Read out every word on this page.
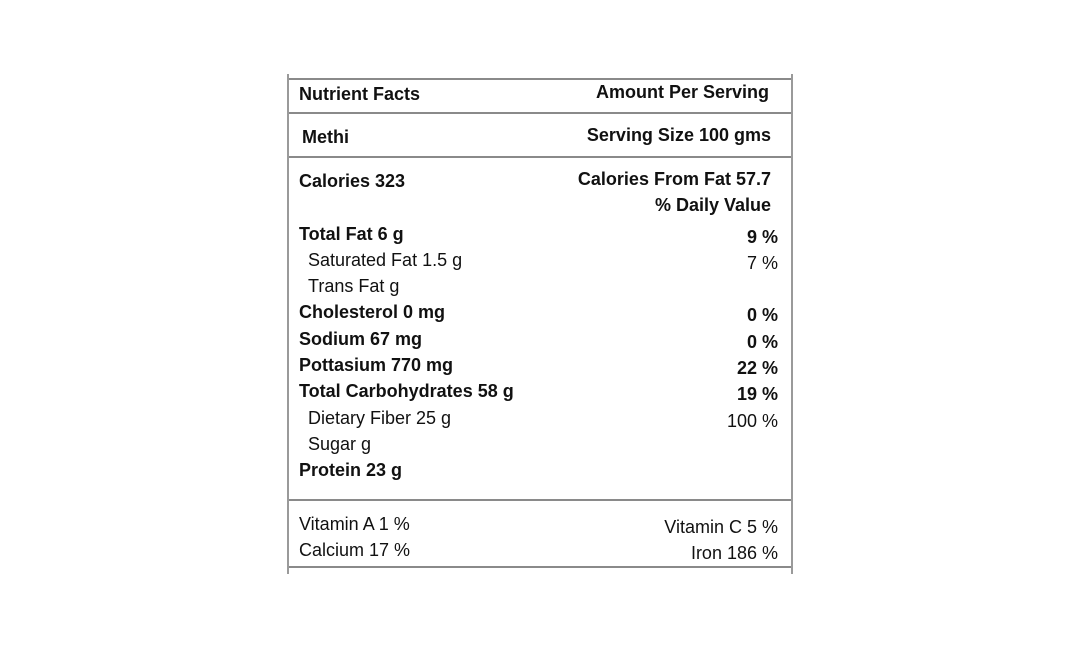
Nutrient Facts	Amount Per Serving
Methi	Serving Size 100 gms
Calories 323	Calories From Fat 57.7
% Daily Value
Total Fat 6 g	9 %
Saturated Fat 1.5 g	7 %
Trans Fat g
Cholesterol 0 mg	0 %
Sodium 67 mg	0 %
Pottasium 770 mg	22 %
Total Carbohydrates 58 g	19 %
Dietary Fiber 25 g	100 %
Sugar g
Protein 23 g
Vitamin A 1 %	Vitamin C 5 %
Calcium 17 %	Iron 186 %
